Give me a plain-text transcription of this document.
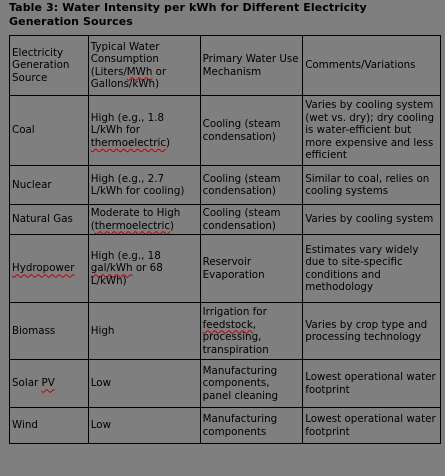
Table 3: Water Intensity per kWh for Different Electricity Generation Sources
Electricity Generation Source	Typical Water Consumption (Liters/MWh or Gallons/kWh)	Primary Water Use Mechanism	Comments/Variations
Coal	High (e.g., 1.8 L/kWh for thermoelectric)	Cooling (steam condensation)	Varies by cooling system (wet vs. dry); dry cooling is water-efficient but more expensive and less efficient
Nuclear	High (e.g., 2.7 L/kWh for cooling)	Cooling (steam condensation)	Similar to coal, relies on cooling systems
Natural Gas	Moderate to High (thermoelectric)	Cooling (steam condensation)	Varies by cooling system
Hydropower	High (e.g., 18 gal/kWh or 68 L/kWh)	Reservoir Evaporation	Estimates vary widely due to site-specific conditions and methodology
Biomass	High	Irrigation for feedstock, processing, transpiration	Varies by crop type and processing technology
Solar PV	Low	Manufacturing components, panel cleaning	Lowest operational water footprint
Wind	Low	Manufacturing components	Lowest operational water footprint
